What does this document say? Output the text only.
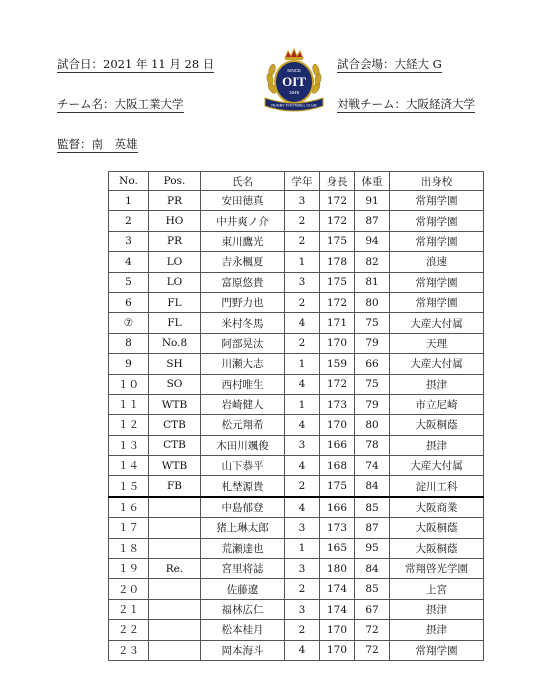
試合日：2021 年 11 月 28 日	試合会場：大経大 G
チーム名：大阪工業大学	対戦チーム：大阪経済大学
監督：南　英雄
SINCE
OIT
1949
RUGBY FOOTBALL CLUB
No.	Pos.	氏名	学年	身長	体重	出身校
1	PR	安田徳真	3	172	91	常翔学園
2	HO	中井爽ノ介	2	172	87	常翔学園
3	PR	東川鷹光	2	175	94	常翔学園
4	LO	吉永楓夏	1	178	82	浪速
5	LO	富原悠貴	3	175	81	常翔学園
6	FL	門野力也	2	172	80	常翔学園
⑦	FL	米村冬馬	4	171	75	大産大付属
8	No.8	阿部晃汰	2	170	79	天理
9	SH	川瀬大志	1	159	66	大産大付属
１０	SO	西村唯生	4	172	75	摂津
１１	WTB	岩崎健人	1	173	79	市立尼崎
１２	CTB	松元翔希	4	170	80	大阪桐蔭
１３	CTB	木田川颯俊	3	166	78	摂津
１４	WTB	山下恭平	4	168	74	大産大付属
１５	FB	札埜源貴	2	175	84	淀川工科
１６		中島郁登	4	166	85	大阪商業
１７		猪上琳太郎	3	173	87	大阪桐蔭
１８		荒瀬達也	1	165	95	大阪桐蔭
１９	Re.	宮里将誌	3	180	84	常翔啓光学園
２０		佐藤遼	2	174	85	上宮
２１		福林広仁	3	174	67	摂津
２２		松本桂月	2	170	72	摂津
２３		岡本海斗	4	170	72	常翔学園
